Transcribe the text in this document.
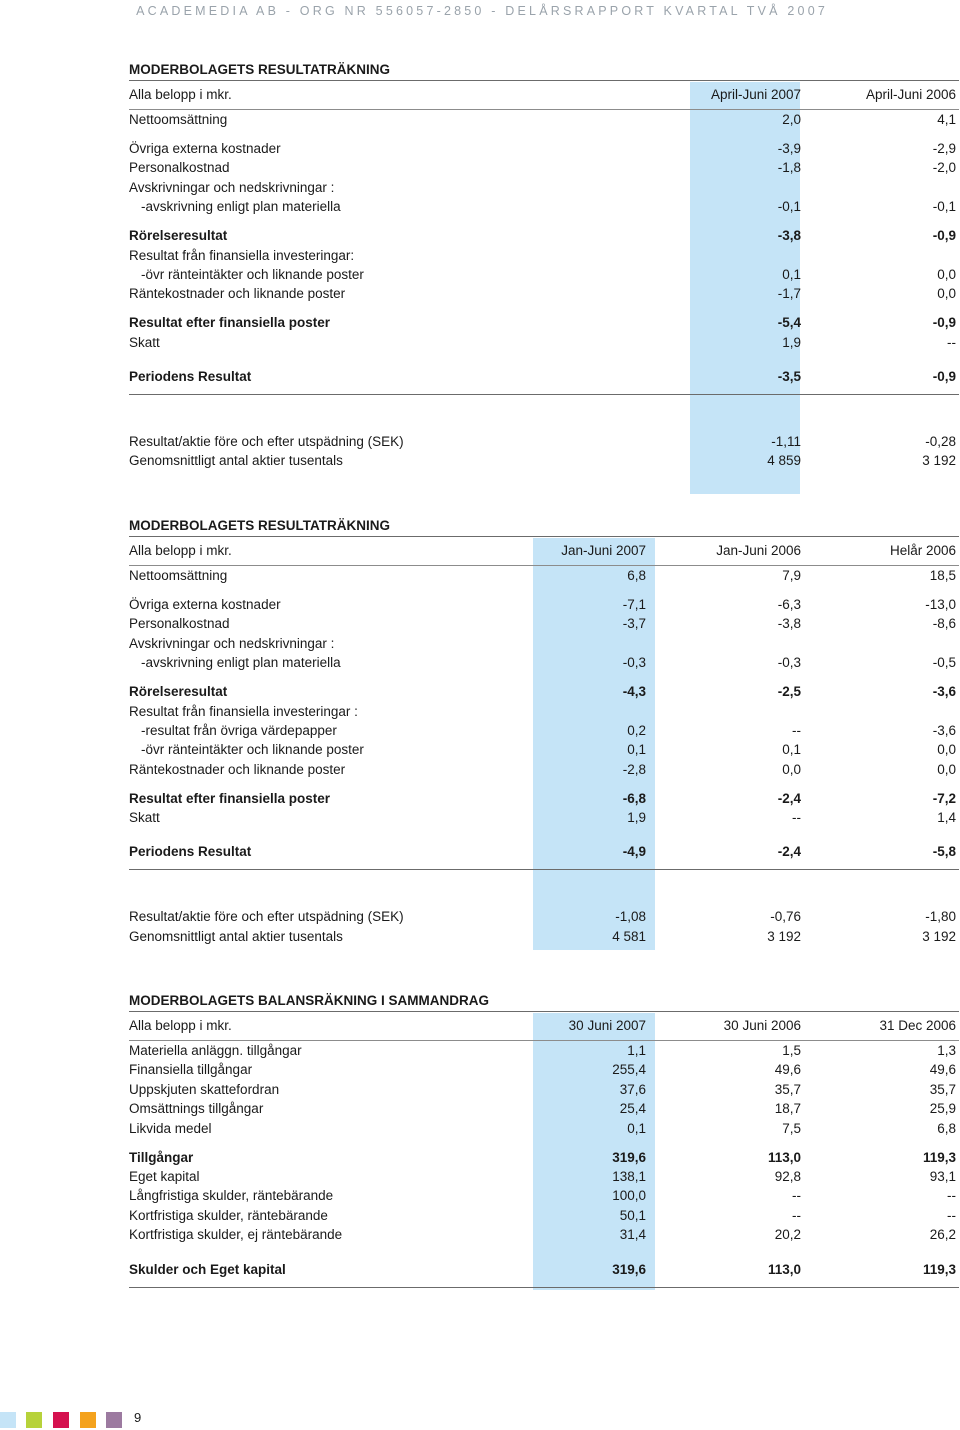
ACADEMEDIA AB - ORG NR 556057-2850 - DELÅRSRAPPORT KVARTAL TVÅ 2007
MODERBOLAGETS RESULTATRÄKNING
Alla belopp i mkr.	April-Juni 2007	April-Juni 2006
Nettoomsättning	2,0	4,1
Övriga externa kostnader	-3,9	-2,9
Personalkostnad	-1,8	-2,0
Avskrivningar och nedskrivningar :
-avskrivning enligt plan materiella	-0,1	-0,1
Rörelseresultat	-3,8	-0,9
Resultat från finansiella investeringar:
-övr ränteintäkter och liknande poster	0,1	0,0
Räntekostnader och liknande poster	-1,7	0,0
Resultat efter finansiella poster	-5,4	-0,9
Skatt	1,9	--
Periodens Resultat	-3,5	-0,9
Resultat/aktie före och efter utspädning (SEK)	-1,11	-0,28
Genomsnittligt antal aktier tusentals	4 859	3 192
MODERBOLAGETS RESULTATRÄKNING
Alla belopp i mkr.	Jan-Juni 2007	Jan-Juni 2006	Helår 2006
Nettoomsättning	6,8	7,9	18,5
Övriga externa kostnader	-7,1	-6,3	-13,0
Personalkostnad	-3,7	-3,8	-8,6
Avskrivningar och nedskrivningar :
-avskrivning enligt plan materiella	-0,3	-0,3	-0,5
Rörelseresultat	-4,3	-2,5	-3,6
Resultat från finansiella investeringar :
-resultat från övriga värdepapper	0,2	--	-3,6
-övr ränteintäkter och liknande poster	0,1	0,1	0,0
Räntekostnader och liknande poster	-2,8	0,0	0,0
Resultat efter finansiella poster	-6,8	-2,4	-7,2
Skatt	1,9	--	1,4
Periodens Resultat	-4,9	-2,4	-5,8
Resultat/aktie före och efter utspädning (SEK)	-1,08	-0,76	-1,80
Genomsnittligt antal aktier tusentals	4 581	3 192	3 192
MODERBOLAGETS BALANSRÄKNING I SAMMANDRAG
Alla belopp i mkr.	30 Juni 2007	30 Juni 2006	31 Dec 2006
Materiella anläggn. tillgångar	1,1	1,5	1,3
Finansiella tillgångar	255,4	49,6	49,6
Uppskjuten skattefordran	37,6	35,7	35,7
Omsättnings tillgångar	25,4	18,7	25,9
Likvida medel	0,1	7,5	6,8
Tillgångar	319,6	113,0	119,3
Eget kapital	138,1	92,8	93,1
Långfristiga skulder, räntebärande	100,0	--	--
Kortfristiga skulder, räntebärande	50,1	--	--
Kortfristiga skulder, ej räntebärande	31,4	20,2	26,2
Skulder och Eget kapital	319,6	113,0	119,3
9
